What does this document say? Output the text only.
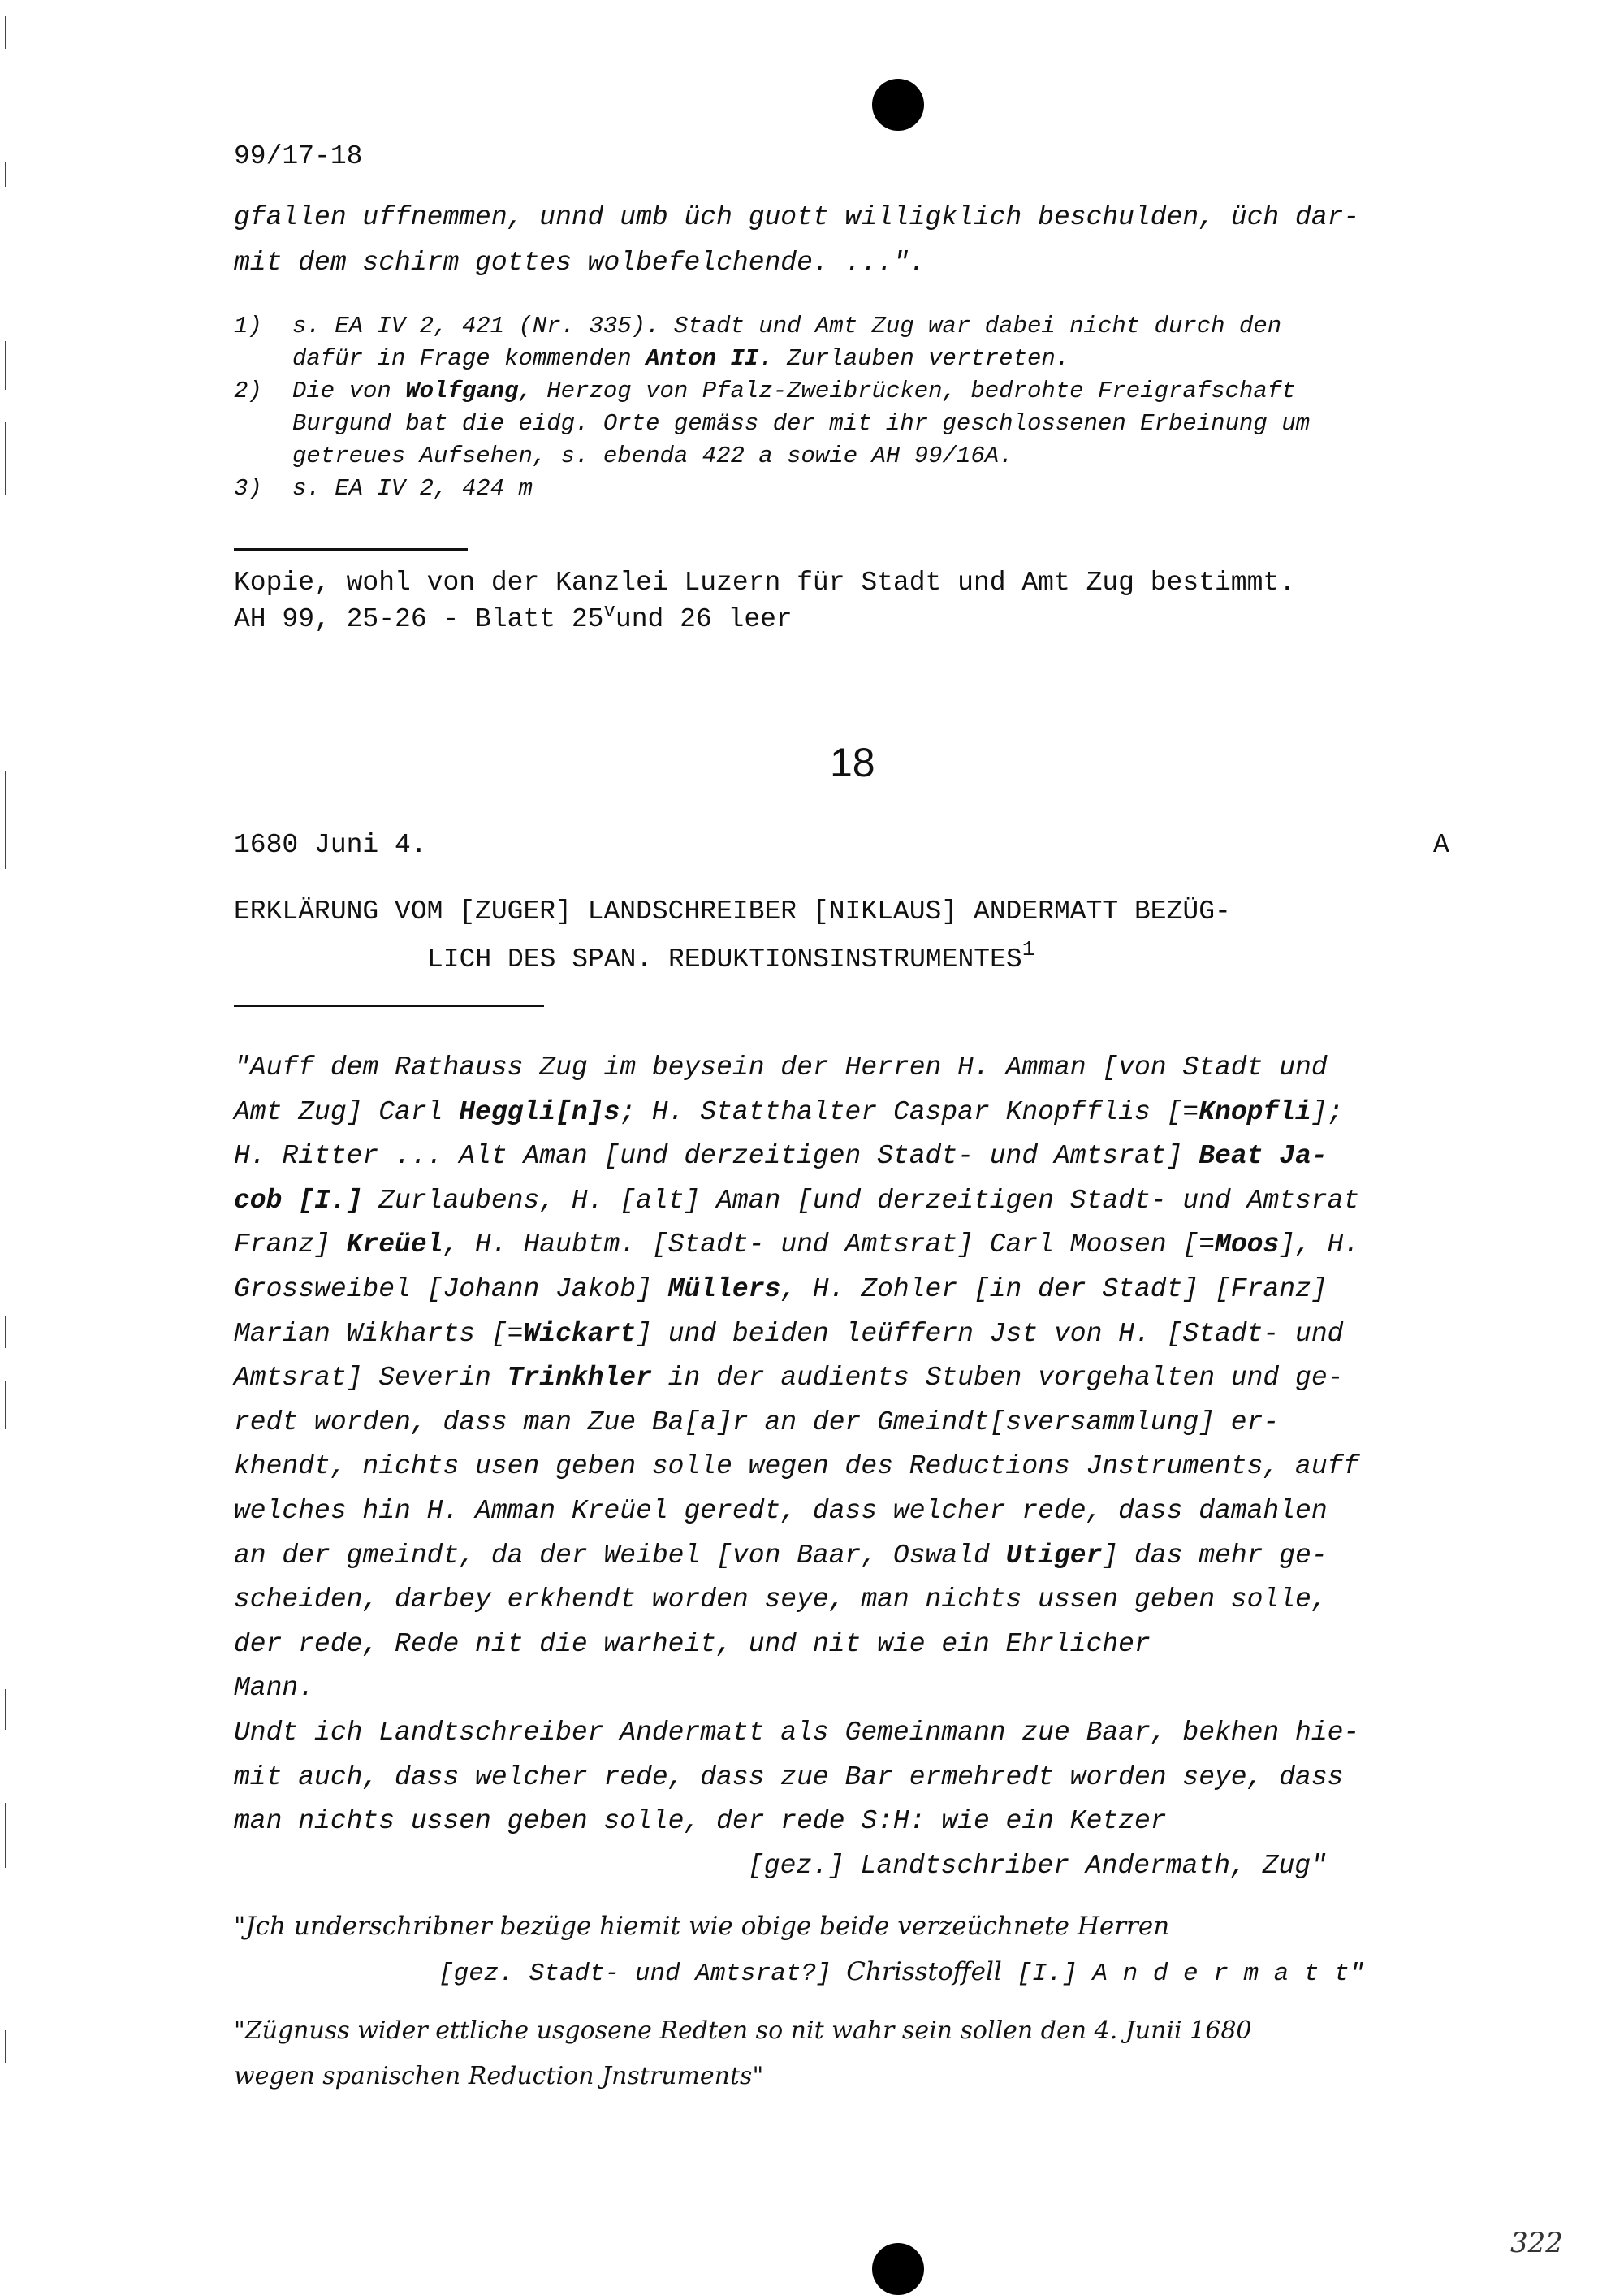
99/17-18
gfallen uffnemmen, unnd umb üch guott willigklich beschulden, üch dar-
mit dem schirm gottes wolbefelchende. ...".
1)	s. EA IV 2, 421 (Nr. 335). Stadt und Amt Zug war dabei nicht durch den
dafür in Frage kommenden Anton II. Zurlauben vertreten.
2)	Die von Wolfgang, Herzog von Pfalz-Zweibrücken, bedrohte Freigrafschaft
Burgund bat die eidg. Orte gemäss der mit ihr geschlossenen Erbeinung um
getreues Aufsehen, s. ebenda 422 a sowie AH 99/16A.
3)	s. EA IV 2, 424 m
Kopie, wohl von der Kanzlei Luzern für Stadt und Amt Zug bestimmt.
AH 99, 25-26 - Blatt 25$^v$und 26 leer
18
1680 Juni 4.	A
ERKLÄRUNG VOM [ZUGER] LANDSCHREIBER [NIKLAUS] ANDERMATT BEZÜG-
LICH DES SPAN. REDUKTIONSINSTRUMENTES$^1$
"Auff dem Rathauss Zug im beysein der Herren H. Amman [von Stadt und
Amt Zug] Carl Heggli[n]s; H. Statthalter Caspar Knopfflis [=Knopfli];
H. Ritter ... Alt Aman [und derzeitigen Stadt- und Amtsrat] Beat Ja-
cob [I.] Zurlaubens, H. [alt] Aman [und derzeitigen Stadt- und Amtsrat
Franz] Kreüel, H. Haubtm. [Stadt- und Amtsrat] Carl Moosen [=Moos], H.
Grossweibel [Johann Jakob] Müllers, H. Zohler [in der Stadt] [Franz]
Marian Wikharts [=Wickart] und beiden leüffern Jst von H. [Stadt- und
Amtsrat] Severin Trinkhler in der audients Stuben vorgehalten und ge-
redt worden, dass man Zue Ba[a]r an der Gmeindt[sversammlung] er-
khendt, nichts usen geben solle wegen des Reductions Jnstruments, auff
welches hin H. Amman Kreüel geredt, dass welcher rede, dass damahlen
an der gmeindt, da der Weibel [von Baar, Oswald Utiger] das mehr ge-
scheiden, darbey erkhendt worden seye, man nichts ussen geben solle,
der rede, Rede nit die warheit, und nit wie ein Ehrlicher
Mann.
Undt ich Landtschreiber Andermatt als Gemeinmann zue Baar, bekhen hie-
mit auch, dass welcher rede, dass zue Bar ermehredt worden seye, dass
man nichts ussen geben solle, der rede S:H: wie ein Ketzer
[gez.] Landtschriber Andermath, Zug"
"Jch underschribner bezüge hiemit wie obige beide verzeüchnete Herren
[gez. Stadt- und Amtsrat?] Chrisstoffell [I.] A n d e r m a t t"
"Zügnuss wider ettliche usgosene Redten so nit wahr sein sollen den 4. Junii 1680
wegen spanischen Reduction Jnstruments"
322
